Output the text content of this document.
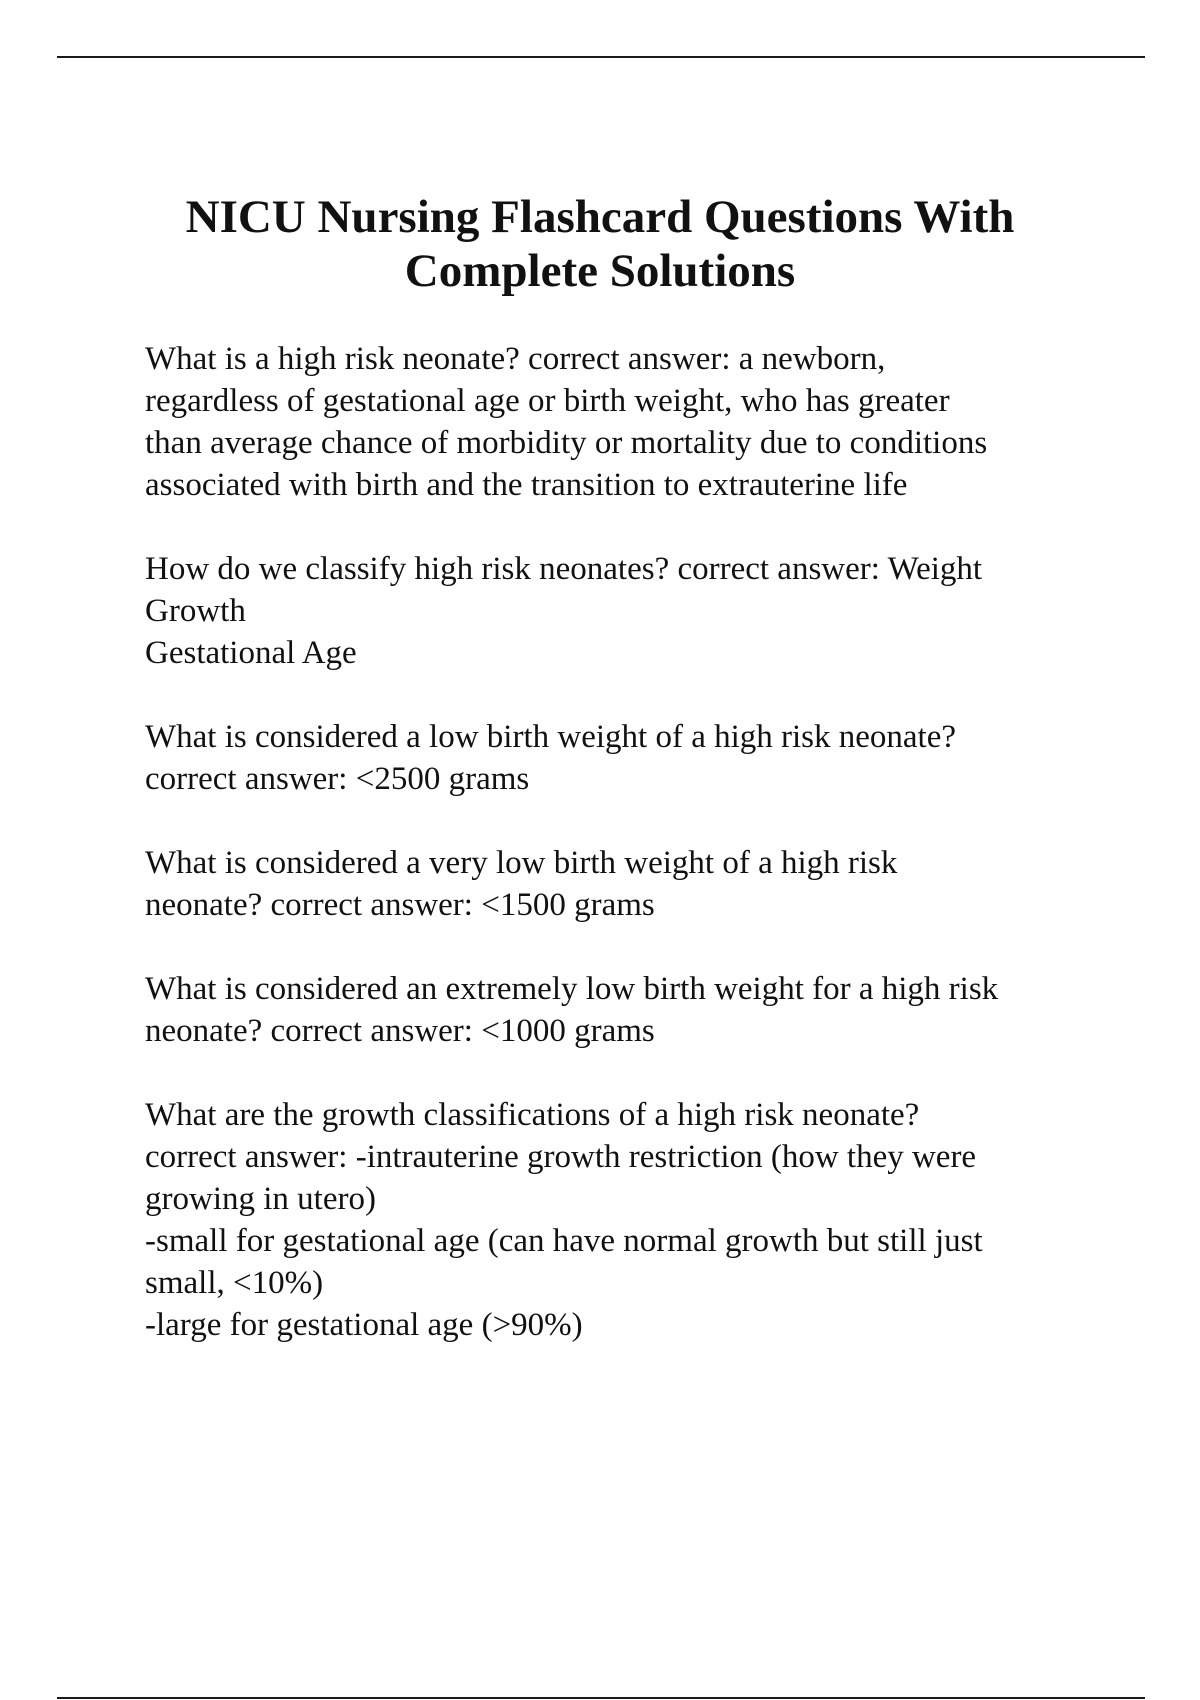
NICU Nursing Flashcard Questions With
Complete Solutions

What is a high risk neonate? correct answer: a newborn,
regardless of gestational age or birth weight, who has greater
than average chance of morbidity or mortality due to conditions
associated with birth and the transition to extrauterine life

How do we classify high risk neonates? correct answer: Weight
Growth
Gestational Age

What is considered a low birth weight of a high risk neonate?
correct answer: <2500 grams

What is considered a very low birth weight of a high risk
neonate? correct answer: <1500 grams

What is considered an extremely low birth weight for a high risk
neonate? correct answer: <1000 grams

What are the growth classifications of a high risk neonate?
correct answer: -intrauterine growth restriction (how they were
growing in utero)
-small for gestational age (can have normal growth but still just
small, <10%)
-large for gestational age (>90%)
